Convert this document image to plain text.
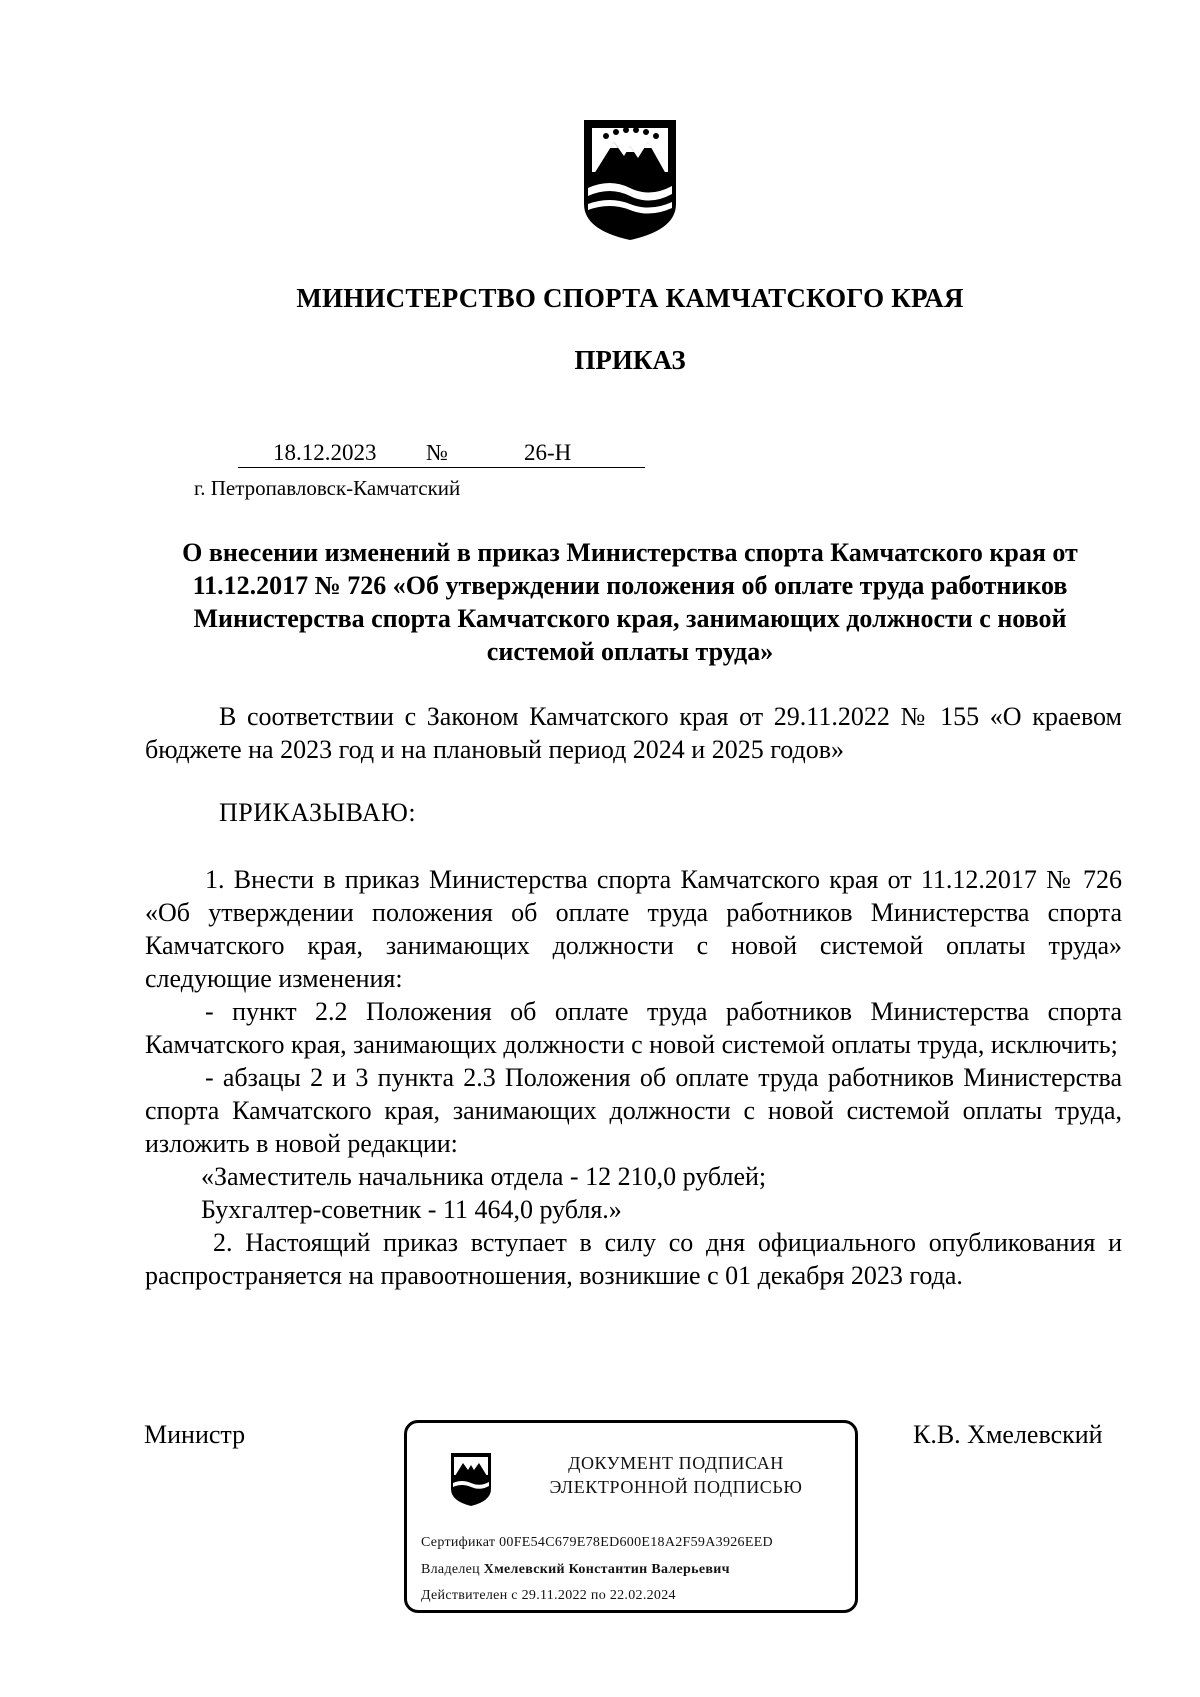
МИНИСТЕРСТВО СПОРТА КАМЧАТСКОГО КРАЯ
ПРИКАЗ
18.12.2023 №	26-Н
г. Петропавловск-Камчатский
О внесении изменений в приказ Министерства спорта Камчатского края от 11.12.2017 № 726 «Об утверждении положения об оплате труда работников Министерства спорта Камчатского края, занимающих должности с новой системой оплаты труда»
В соответствии с Законом Камчатского края от 29.11.2022 № 155 «О краевом бюджете на 2023 год и на плановый период 2024 и 2025 годов»
ПРИКАЗЫВАЮ:

1. Внести в приказ Министерства спорта Камчатского края от 11.12.2017 № 726 «Об утверждении положения об оплате труда работников Министерства спорта Камчатского края, занимающих должности с новой системой оплаты труда» следующие изменения:

- пункт 2.2 Положения об оплате труда работников Министерства спорта Камчатского края, занимающих должности с новой системой оплаты труда, исключить;

- абзацы 2 и 3 пункта 2.3 Положения об оплате труда работников Министерства спорта Камчатского края, занимающих должности с новой системой оплаты труда, изложить в новой редакции:

«Заместитель начальника отдела - 12 210,0 рублей;

Бухгалтер-советник - 11 464,0 рубля.»

2. Настоящий приказ вступает в силу со дня официального опубликования и распространяется на правоотношения, возникшие с 01 декабря 2023 года.

Министр	К.В. Хмелевский
ДОКУМЕНТ ПОДПИСАН
ЭЛЕКТРОННОЙ ПОДПИСЬЮ
Сертификат 00FE54C679E78ED600E18A2F59A3926EED
Владелец Хмелевский Константин Валерьевич
Действителен с 29.11.2022 по 22.02.2024
